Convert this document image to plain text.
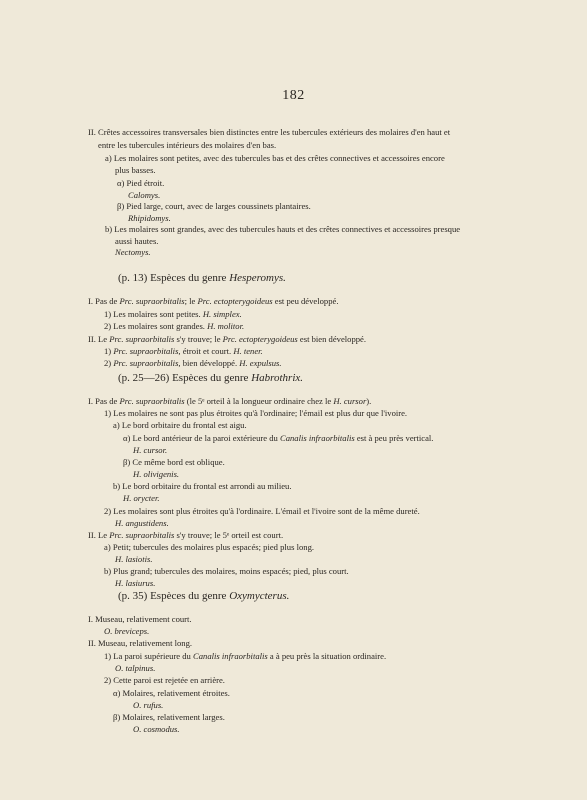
182
II. Crêtes accessoires transversales bien distinctes entre les tubercules extérieurs des molaires d'en haut et
entre les tubercules intérieurs des molaires d'en bas.
a) Les molaires sont petites, avec des tubercules bas et des crêtes connectives et accessoires encore
plus basses.
α) Pied étroit.
Calomys.
β) Pied large, court, avec de larges coussinets plantaires.
Rhipidomys.
b) Les molaires sont grandes, avec des tubercules hauts et des crêtes connectives et accessoires presque
aussi hautes.
Nectomys.
(p. 13) Espèces du genre Hesperomys.
I. Pas de Prc. supraorbitalis; le Prc. ectopterygoideus est peu développé.
1) Les molaires sont petites. H. simplex.
2) Les molaires sont grandes. H. molitor.
II. Le Prc. supraorbitalis s'y trouve; le Prc. ectopterygoideus est bien développé.
1) Prc. supraorbitalis, étroit et court. H. tener.
2) Prc. supraorbitalis, bien développé. H. expulsus.
(p. 25—26) Espèces du genre Habrothrix.
I. Pas de Prc. supraorbitalis (le 5ᵉ orteil à la longueur ordinaire chez le H. cursor).
1) Les molaires ne sont pas plus étroites qu'à l'ordinaire; l'émail est plus dur que l'ivoire.
a) Le bord orbitaire du frontal est aigu.
α) Le bord antérieur de la paroi extérieure du Canalis infraorbitalis est à peu près vertical.
H. cursor.
β) Ce même bord est oblique.
H. olivigenis.
b) Le bord orbitaire du frontal est arrondi au milieu.
H. orycter.
2) Les molaires sont plus étroites qu'à l'ordinaire. L'émail et l'ivoire sont de la même dureté.
H. angustidens.
II. Le Prc. supraorbitalis s'y trouve; le 5ᵉ orteil est court.
a) Petit; tubercules des molaires plus espacés; pied plus long.
H. lasiotis.
b) Plus grand; tubercules des molaires, moins espacés; pied, plus court.
H. lasiurus.
(p. 35) Espèces du genre Oxymycterus.
I. Museau, relativement court.
O. breviceps.
II. Museau, relativement long.
1) La paroi supérieure du Canalis infraorbitalis a à peu près la situation ordinaire.
O. talpinus.
2) Cette paroi est rejetée en arrière.
α) Molaires, relativement étroites.
O. rufus.
β) Molaires, relativement larges.
O. cosmodus.
